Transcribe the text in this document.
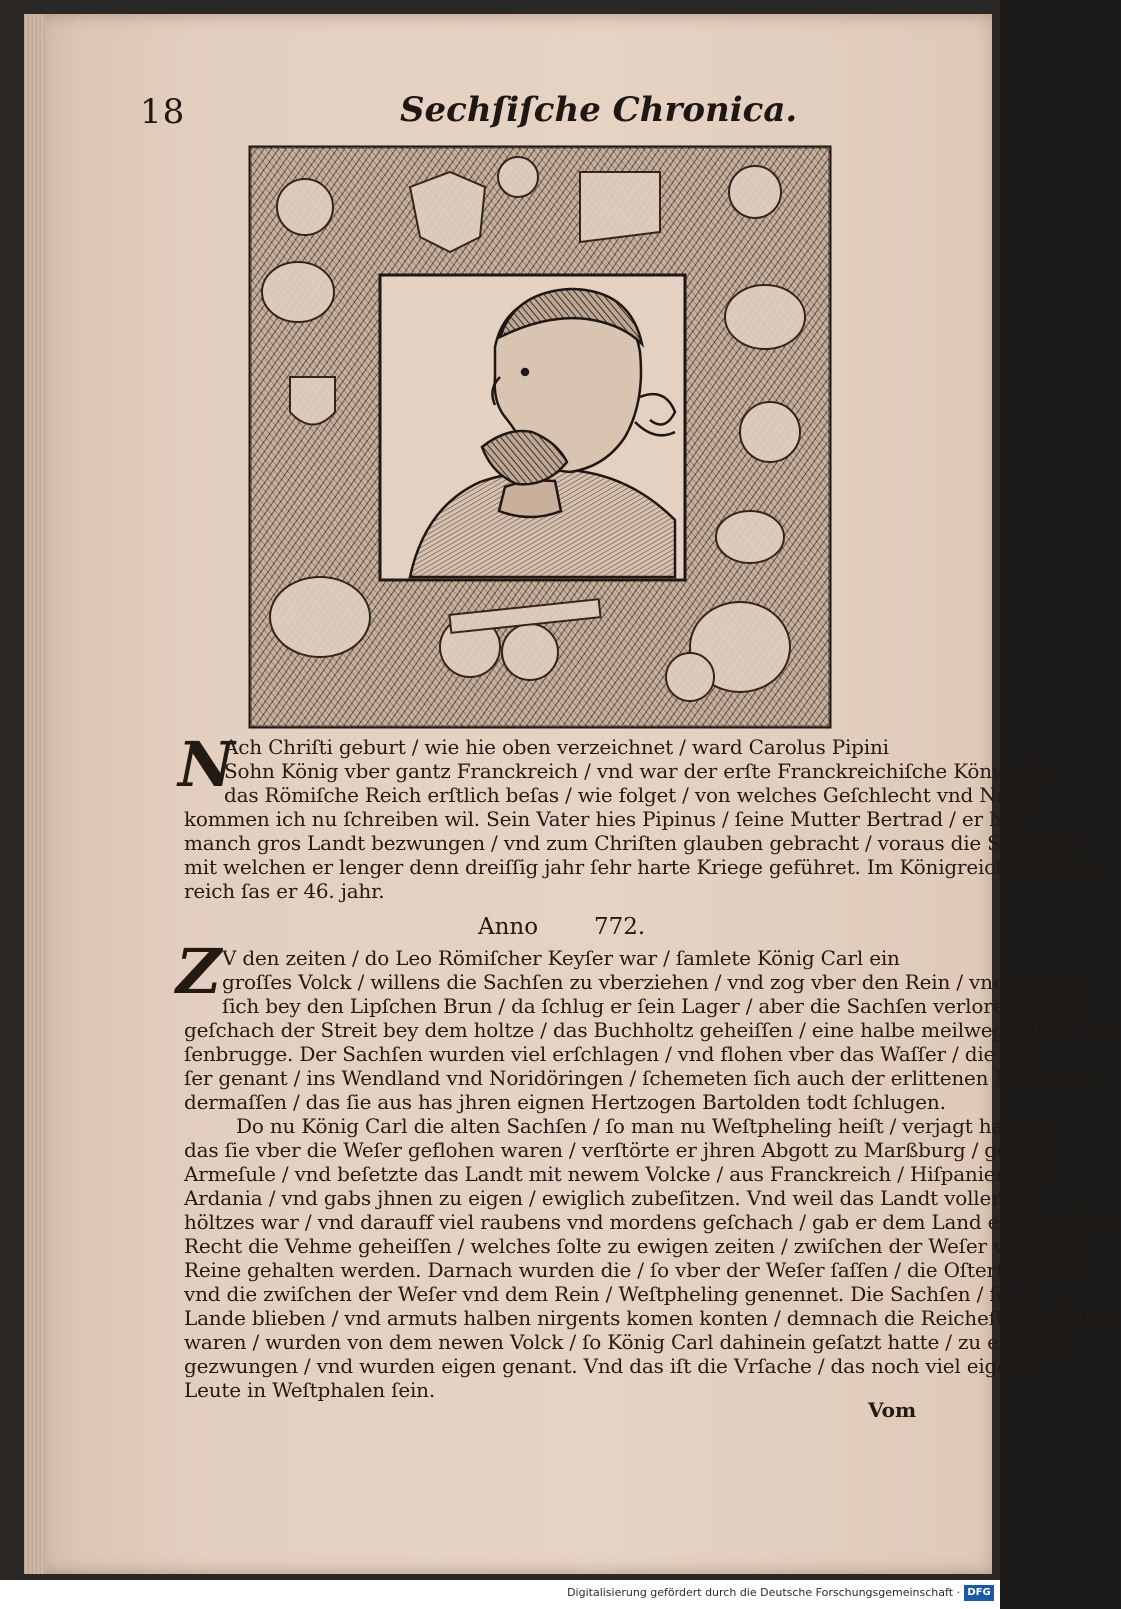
18	Sechſiſche Chronica.
N
Ach Chriſti geburt / wie hie oben verzeichnet / ward Carolus Pipini
Sohn König vber gantz Franckreich / vnd war der erſte Franckreichiſche König / ſo
das Römiſche Reich erſtlich beſas / wie folget / von welches Geſchlecht vnd Nach-
kommen ich nu ſchreiben wil. Sein Vater hies Pipinus / ſeine Mutter Bertrad / er hat
manch gros Landt bezwungen / vnd zum Chriſten glauben gebracht / voraus die Sachſen /
mit welchen er lenger denn dreiſſig jahr ſehr harte Kriege geführet. Im Königreiche Franck-
reich ſas er 46. jahr.
Anno 772.
Z V den zeiten / do Leo Römiſcher Keyſer war / ſamlete König Carl ein
groſſes Volck / willens die Sachſen zu vberziehen / vnd zog vber den Rein / vnd lagerte
ſich bey den Lipſchen Brun / da ſchlug er ſein Lager / aber die Sachſen verloren / vnnd
geſchach der Streit bey dem holtze / das Buchholtz geheiſſen / eine halbe meilweges bey Och-
ſenbrugge. Der Sachſen wurden viel erſchlagen / vnd flohen vber das Waſſer / die We-
ſer genant / ins Wendland vnd Noridöringen / ſchemeten ſich auch der erlittenen Niderlage
dermaſſen / das ſie aus has jhren eignen Hertzogen Bartolden todt ſchlugen.
Do nu König Carl die alten Sachſen / ſo man nu Weſtpheling heiſt / verjagt hatte /
das ſie vber die Weſer geflohen waren / verſtörte er jhren Abgott zu Marßburg / genant
Armeſule / vnd beſetzte das Landt mit newem Volcke / aus Franckreich / Hiſpanien vnd
Ardania / vnd gabs jhnen zu eigen / ewiglich zubeſitzen. Vnd weil das Landt voller Ge-
höltzes war / vnd darauff viel raubens vnd mordens geſchach / gab er dem Land ein heimlich
Recht die Vehme geheiſſen / welches ſolte zu ewigen zeiten / zwiſchen der Weſer vnd dem
Reine gehalten werden. Darnach wurden die / ſo vber der Weſer ſaſſen / die Oſterſachſen /
vnd die zwiſchen der Weſer vnd dem Rein / Weſtpheling genennet. Die Sachſen / ſo im
Lande blieben / vnd armuts halben nirgents komen konten / demnach die Reicheſten geflohen
waren / wurden von dem newen Volck / ſo König Carl dahinein geſatzt hatte / zu erbeiten
gezwungen / vnd wurden eigen genant. Vnd das iſt die Vrſache / das noch viel eigener
Leute in Weſtphalen ſein.
Vom
Digitalisierung gefördert durch die Deutsche Forschungsgemeinschaft · DFG
